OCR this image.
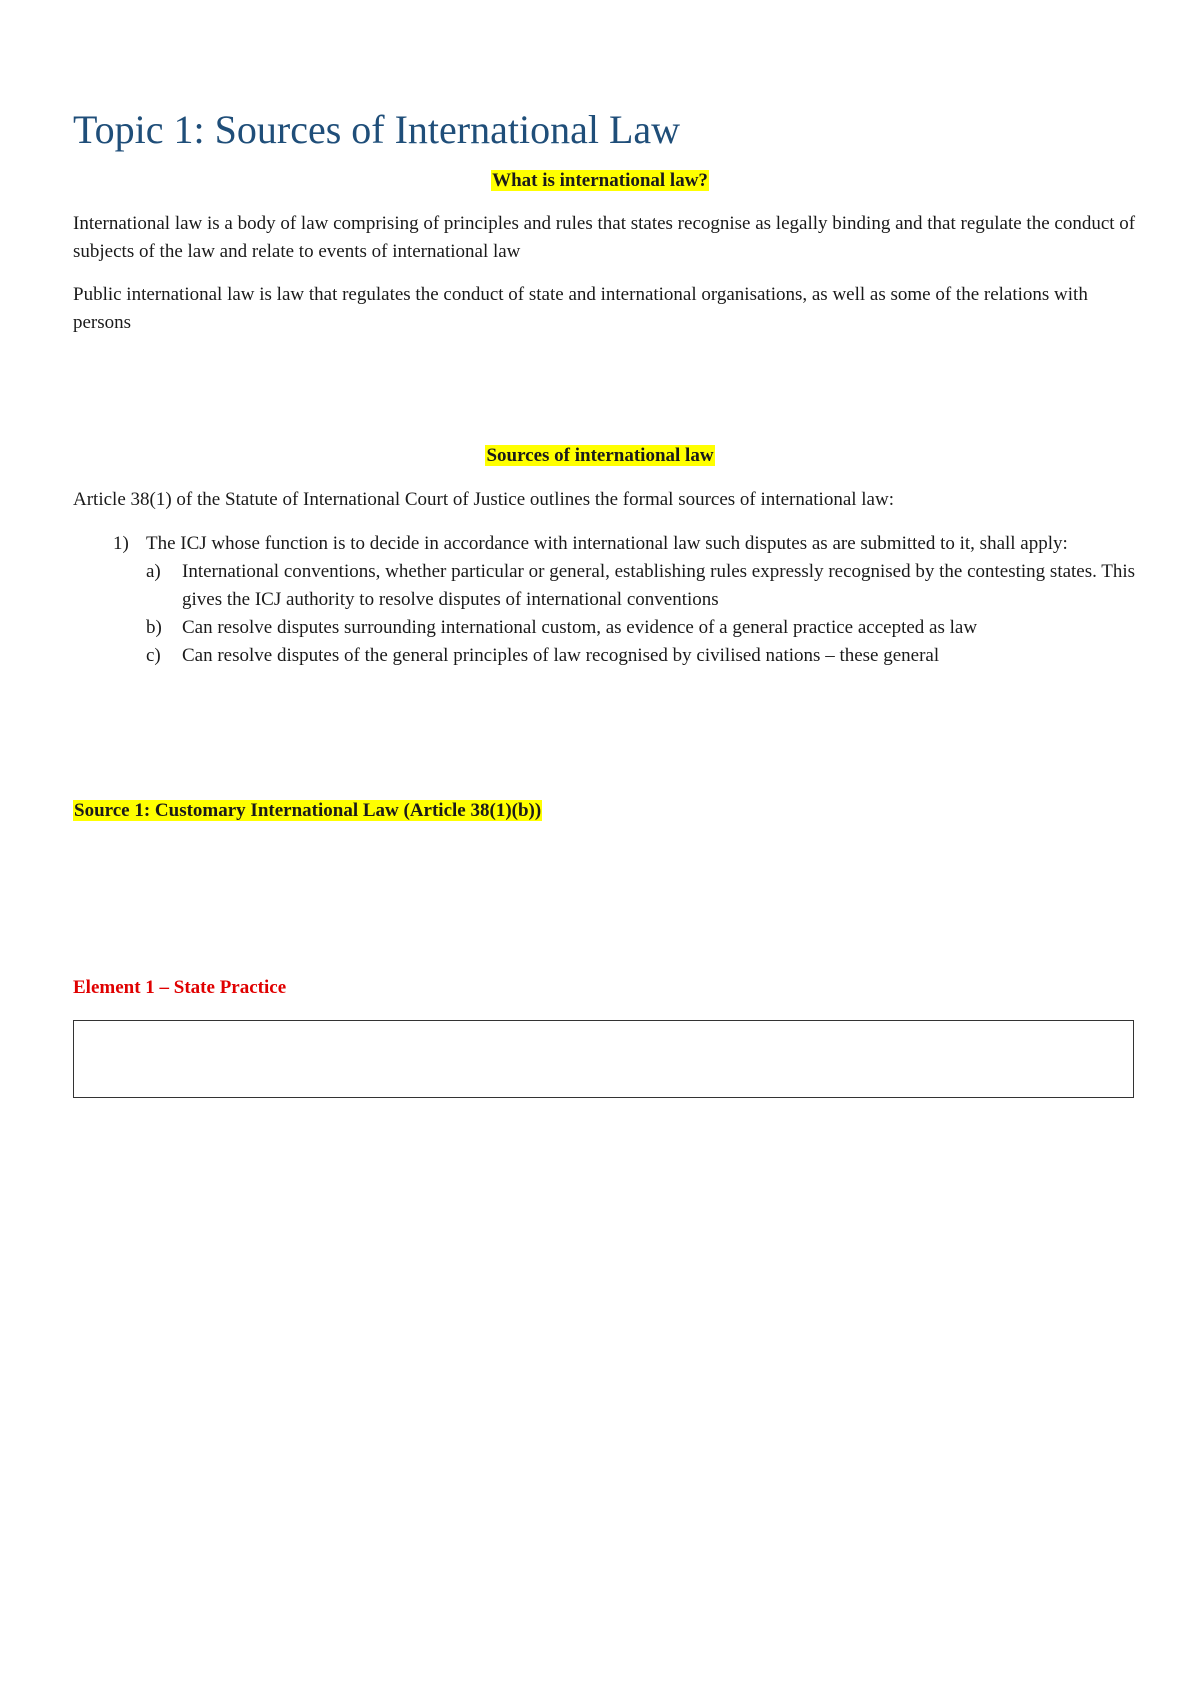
Topic 1: Sources of International Law
What is international law?

International law is a body of law comprising of principles and rules that states recognise as legally binding and that regulate the conduct of subjects of the law and relate to events of international law

Public international law is law that regulates the conduct of state and international organisations, as well as some of the relations with persons

Sources of international law

Article 38(1) of the Statute of International Court of Justice outlines the formal sources of international law:

1) The ICJ whose function is to decide in accordance with international law such disputes as are submitted to it, shall apply:
a) International conventions, whether particular or general, establishing rules expressly recognised by the contesting states. This gives the ICJ authority to resolve disputes of international conventions
b) Can resolve disputes surrounding international custom, as evidence of a general practice accepted as law
c) Can resolve disputes of the general principles of law recognised by civilised nations – these general
Source 1: Customary International Law (Article 38(1)(b))
Element 1 – State Practice
